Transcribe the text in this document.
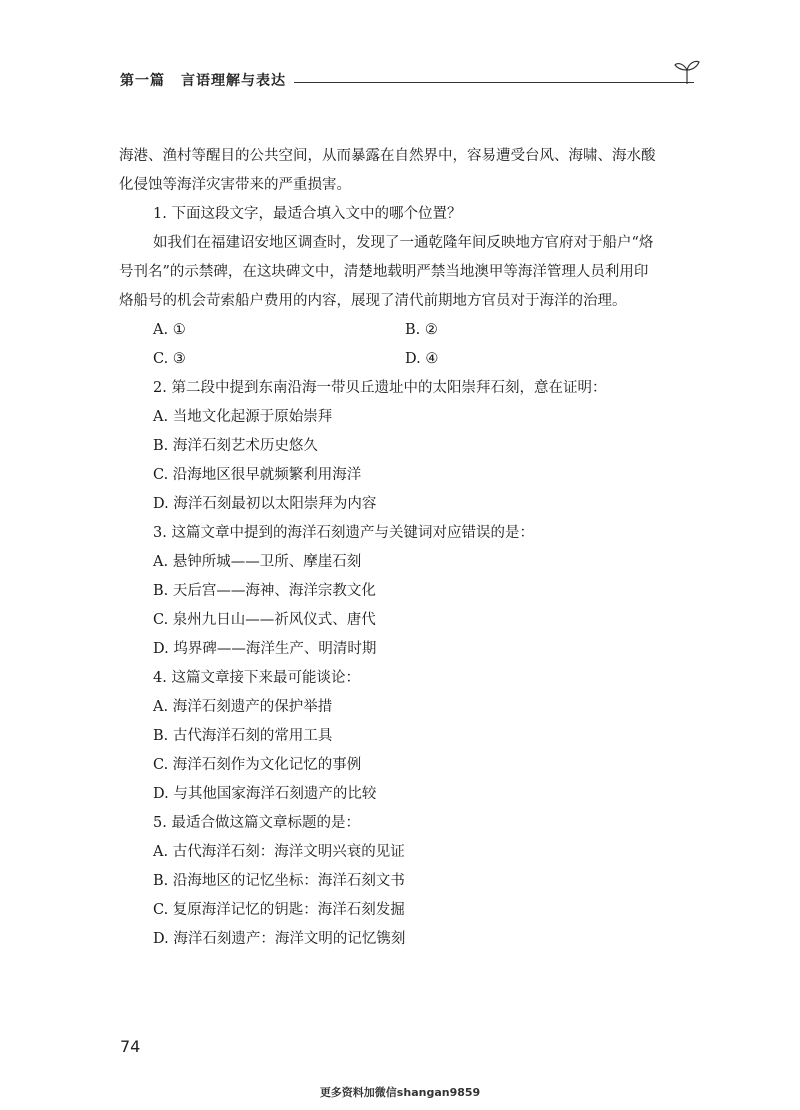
第一篇 言语理解与表达
海港、渔村等醒目的公共空间，从而暴露在自然界中，容易遭受台风、海啸、海水酸
化侵蚀等海洋灾害带来的严重损害。
1. 下面这段文字，最适合填入文中的哪个位置？
如我们在福建诏安地区调查时，发现了一通乾隆年间反映地方官府对于船户“烙
号刊名”的示禁碑，在这块碑文中，清楚地载明严禁当地澳甲等海洋管理人员利用印
烙船号的机会苛索船户费用的内容，展现了清代前期地方官员对于海洋的治理。
A. ①	B. ②
C. ③	D. ④
2. 第二段中提到东南沿海一带贝丘遗址中的太阳崇拜石刻，意在证明：
A. 当地文化起源于原始崇拜
B. 海洋石刻艺术历史悠久
C. 沿海地区很早就频繁利用海洋
D. 海洋石刻最初以太阳崇拜为内容
3. 这篇文章中提到的海洋石刻遗产与关键词对应错误的是：
A. 悬钟所城——卫所、摩崖石刻
B. 天后宫——海神、海洋宗教文化
C. 泉州九日山——祈风仪式、唐代
D. 坞界碑——海洋生产、明清时期
4. 这篇文章接下来最可能谈论：
A. 海洋石刻遗产的保护举措
B. 古代海洋石刻的常用工具
C. 海洋石刻作为文化记忆的事例
D. 与其他国家海洋石刻遗产的比较
5. 最适合做这篇文章标题的是：
A. 古代海洋石刻：海洋文明兴衰的见证
B. 沿海地区的记忆坐标：海洋石刻文书
C. 复原海洋记忆的钥匙：海洋石刻发掘
D. 海洋石刻遗产：海洋文明的记忆镌刻
74
更多资料加微信shangan9859
